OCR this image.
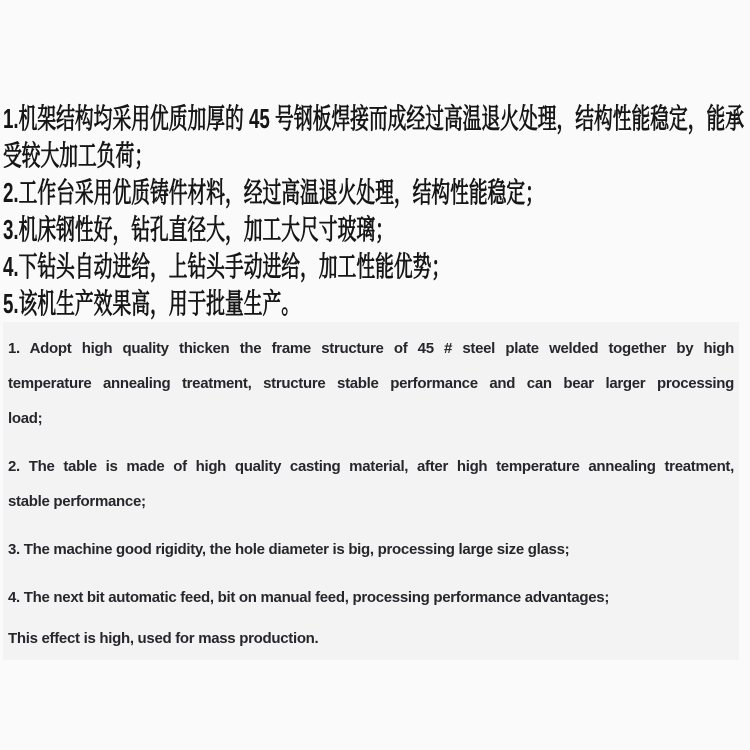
1.机架结构均采用优质加厚的 45 号钢板焊接而成经过高温退火处理，结构性能稳定，能承
受较大加工负荷；
2.工作台采用优质铸件材料，经过高温退火处理，结构性能稳定；
3.机床钢性好，钻孔直径大，加工大尺寸玻璃；
4.下钻头自动进给，上钻头手动进给，加工性能优势；
5.该机生产效果高，用于批量生产。
1. Adopt high quality thicken the frame structure of 45 # steel plate welded together by high
temperature annealing treatment, structure stable performance and can bear larger processing
load;
2. The table is made of high quality casting material, after high temperature annealing treatment,
stable performance;
3. The machine good rigidity, the hole diameter is big, processing large size glass;
4. The next bit automatic feed, bit on manual feed, processing performance advantages;
This effect is high, used for mass production.
